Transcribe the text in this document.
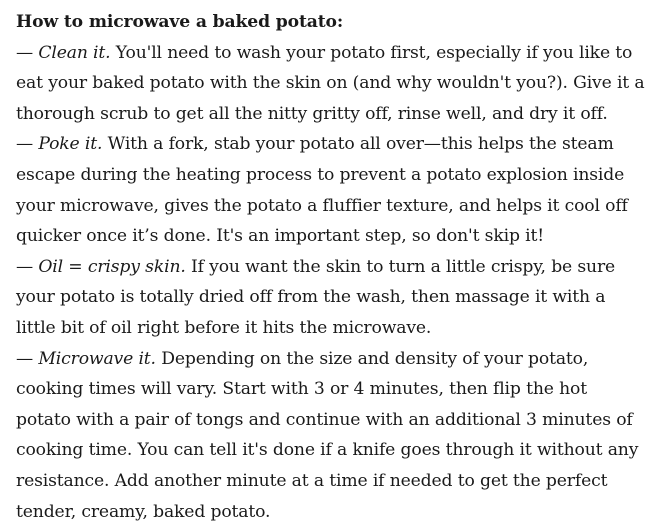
How to microwave a baked potato:

— Clean it. You'll need to wash your potato first, especially if you like to eat your baked potato with the skin on (and why wouldn't you?). Give it a thorough scrub to get all the nitty gritty off, rinse well, and dry it off.

— Poke it. With a fork, stab your potato all over—this helps the steam escape during the heating process to prevent a potato explosion inside your microwave, gives the potato a fluffier texture, and helps it cool off quicker once it’s done. It's an important step, so don't skip it!

— Oil = crispy skin. If you want the skin to turn a little crispy, be sure your potato is totally dried off from the wash, then massage it with a little bit of oil right before it hits the microwave.

— Microwave it. Depending on the size and density of your potato, cooking times will vary. Start with 3 or 4 minutes, then flip the hot potato with a pair of tongs and continue with an additional 3 minutes of cooking time. You can tell it's done if a knife goes through it without any resistance. Add another minute at a time if needed to get the perfect tender, creamy, baked potato.
